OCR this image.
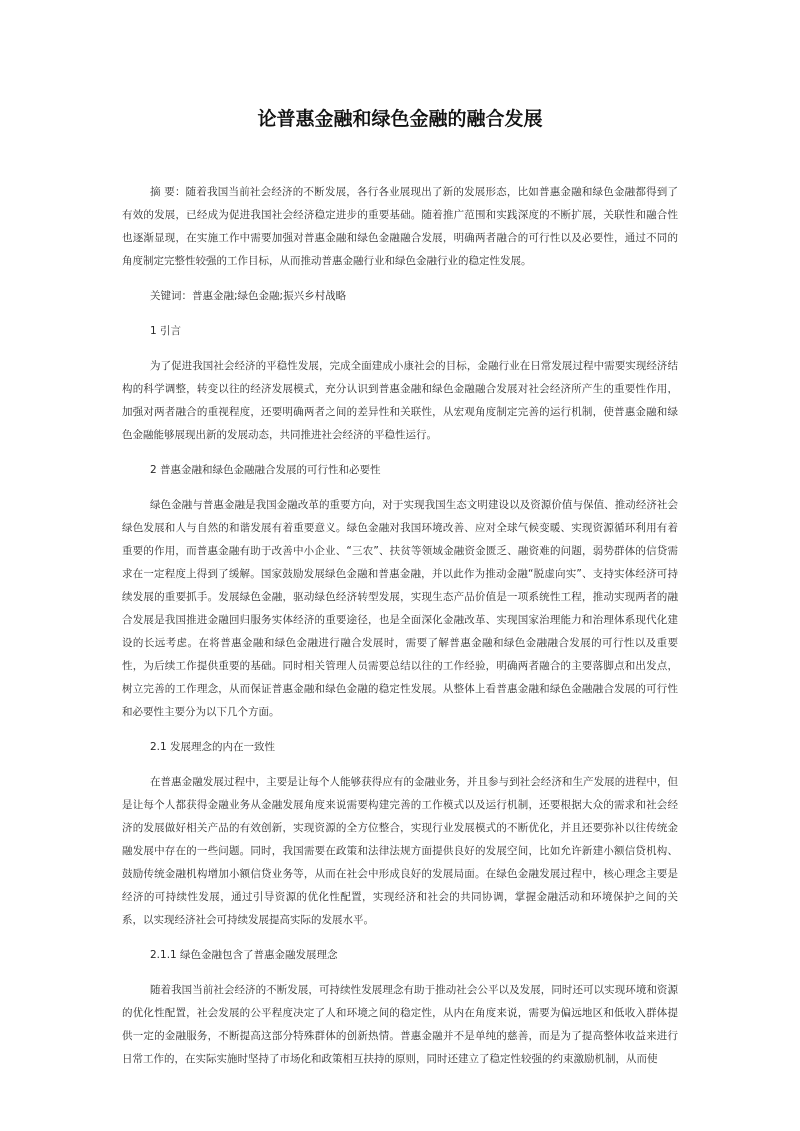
论普惠金融和绿色金融的融合发展

摘 要：随着我国当前社会经济的不断发展，各行各业展现出了新的发展形态，比如普惠金融和绿色金融都得到了有效的发展，已经成为促进我国社会经济稳定进步的重要基础。随着推广范围和实践深度的不断扩展，关联性和融合性也逐渐显现，在实施工作中需要加强对普惠金融和绿色金融融合发展，明确两者融合的可行性以及必要性，通过不同的角度制定完整性较强的工作目标，从而推动普惠金融行业和绿色金融行业的稳定性发展。

关键词：普惠金融;绿色金融;振兴乡村战略

1 引言

为了促进我国社会经济的平稳性发展，完成全面建成小康社会的目标，金融行业在日常发展过程中需要实现经济结构的科学调整，转变以往的经济发展模式，充分认识到普惠金融和绿色金融融合发展对社会经济所产生的重要性作用，加强对两者融合的重视程度，还要明确两者之间的差异性和关联性，从宏观角度制定完善的运行机制，使普惠金融和绿色金融能够展现出新的发展动态，共同推进社会经济的平稳性运行。

2 普惠金融和绿色金融融合发展的可行性和必要性

绿色金融与普惠金融是我国金融改革的重要方向，对于实现我国生态文明建设以及资源价值与保值、推动经济社会绿色发展和人与自然的和谐发展有着重要意义。绿色金融对我国环境改善、应对全球气候变暖、实现资源循环利用有着重要的作用，而普惠金融有助于改善中小企业、“三农”、扶贫等领域金融资金匮乏、融资难的问题，弱势群体的信贷需求在一定程度上得到了缓解。国家鼓励发展绿色金融和普惠金融，并以此作为推动金融“脱虚向实”、支持实体经济可持续发展的重要抓手。发展绿色金融，驱动绿色经济转型发展，实现生态产品价值是一项系统性工程，推动实现两者的融合发展是我国推进金融回归服务实体经济的重要途径，也是全面深化金融改革、实现国家治理能力和治理体系现代化建设的长远考虑。在将普惠金融和绿色金融进行融合发展时，需要了解普惠金融和绿色金融融合发展的可行性以及重要性，为后续工作提供重要的基础。同时相关管理人员需要总结以往的工作经验，明确两者融合的主要落脚点和出发点，树立完善的工作理念，从而保证普惠金融和绿色金融的稳定性发展。从整体上看普惠金融和绿色金融融合发展的可行性和必要性主要分为以下几个方面。

2.1 发展理念的内在一致性

在普惠金融发展过程中，主要是让每个人能够获得应有的金融业务，并且参与到社会经济和生产发展的进程中，但是让每个人都获得金融业务从金融发展角度来说需要构建完善的工作模式以及运行机制，还要根据大众的需求和社会经济的发展做好相关产品的有效创新，实现资源的全方位整合，实现行业发展模式的不断优化，并且还要弥补以往传统金融发展中存在的一些问题。同时，我国需要在政策和法律法规方面提供良好的发展空间，比如允许新建小额信贷机构、鼓励传统金融机构增加小额信贷业务等，从而在社会中形成良好的发展局面。在绿色金融发展过程中，核心理念主要是经济的可持续性发展，通过引导资源的优化性配置，实现经济和社会的共同协调，掌握金融活动和环境保护之间的关系，以实现经济社会可持续发展提高实际的发展水平。

2.1.1 绿色金融包含了普惠金融发展理念

随着我国当前社会经济的不断发展，可持续性发展理念有助于推动社会公平以及发展，同时还可以实现环境和资源的优化性配置，社会发展的公平程度决定了人和环境之间的稳定性，从内在角度来说，需要为偏远地区和低收入群体提供一定的金融服务，不断提高这部分特殊群体的创新热情。普惠金融并不是单纯的慈善，而是为了提高整体收益来进行日常工作的，在实际实施时坚持了市场化和政策相互扶持的原则，同时还建立了稳定性较强的约束激励机制，从而使
